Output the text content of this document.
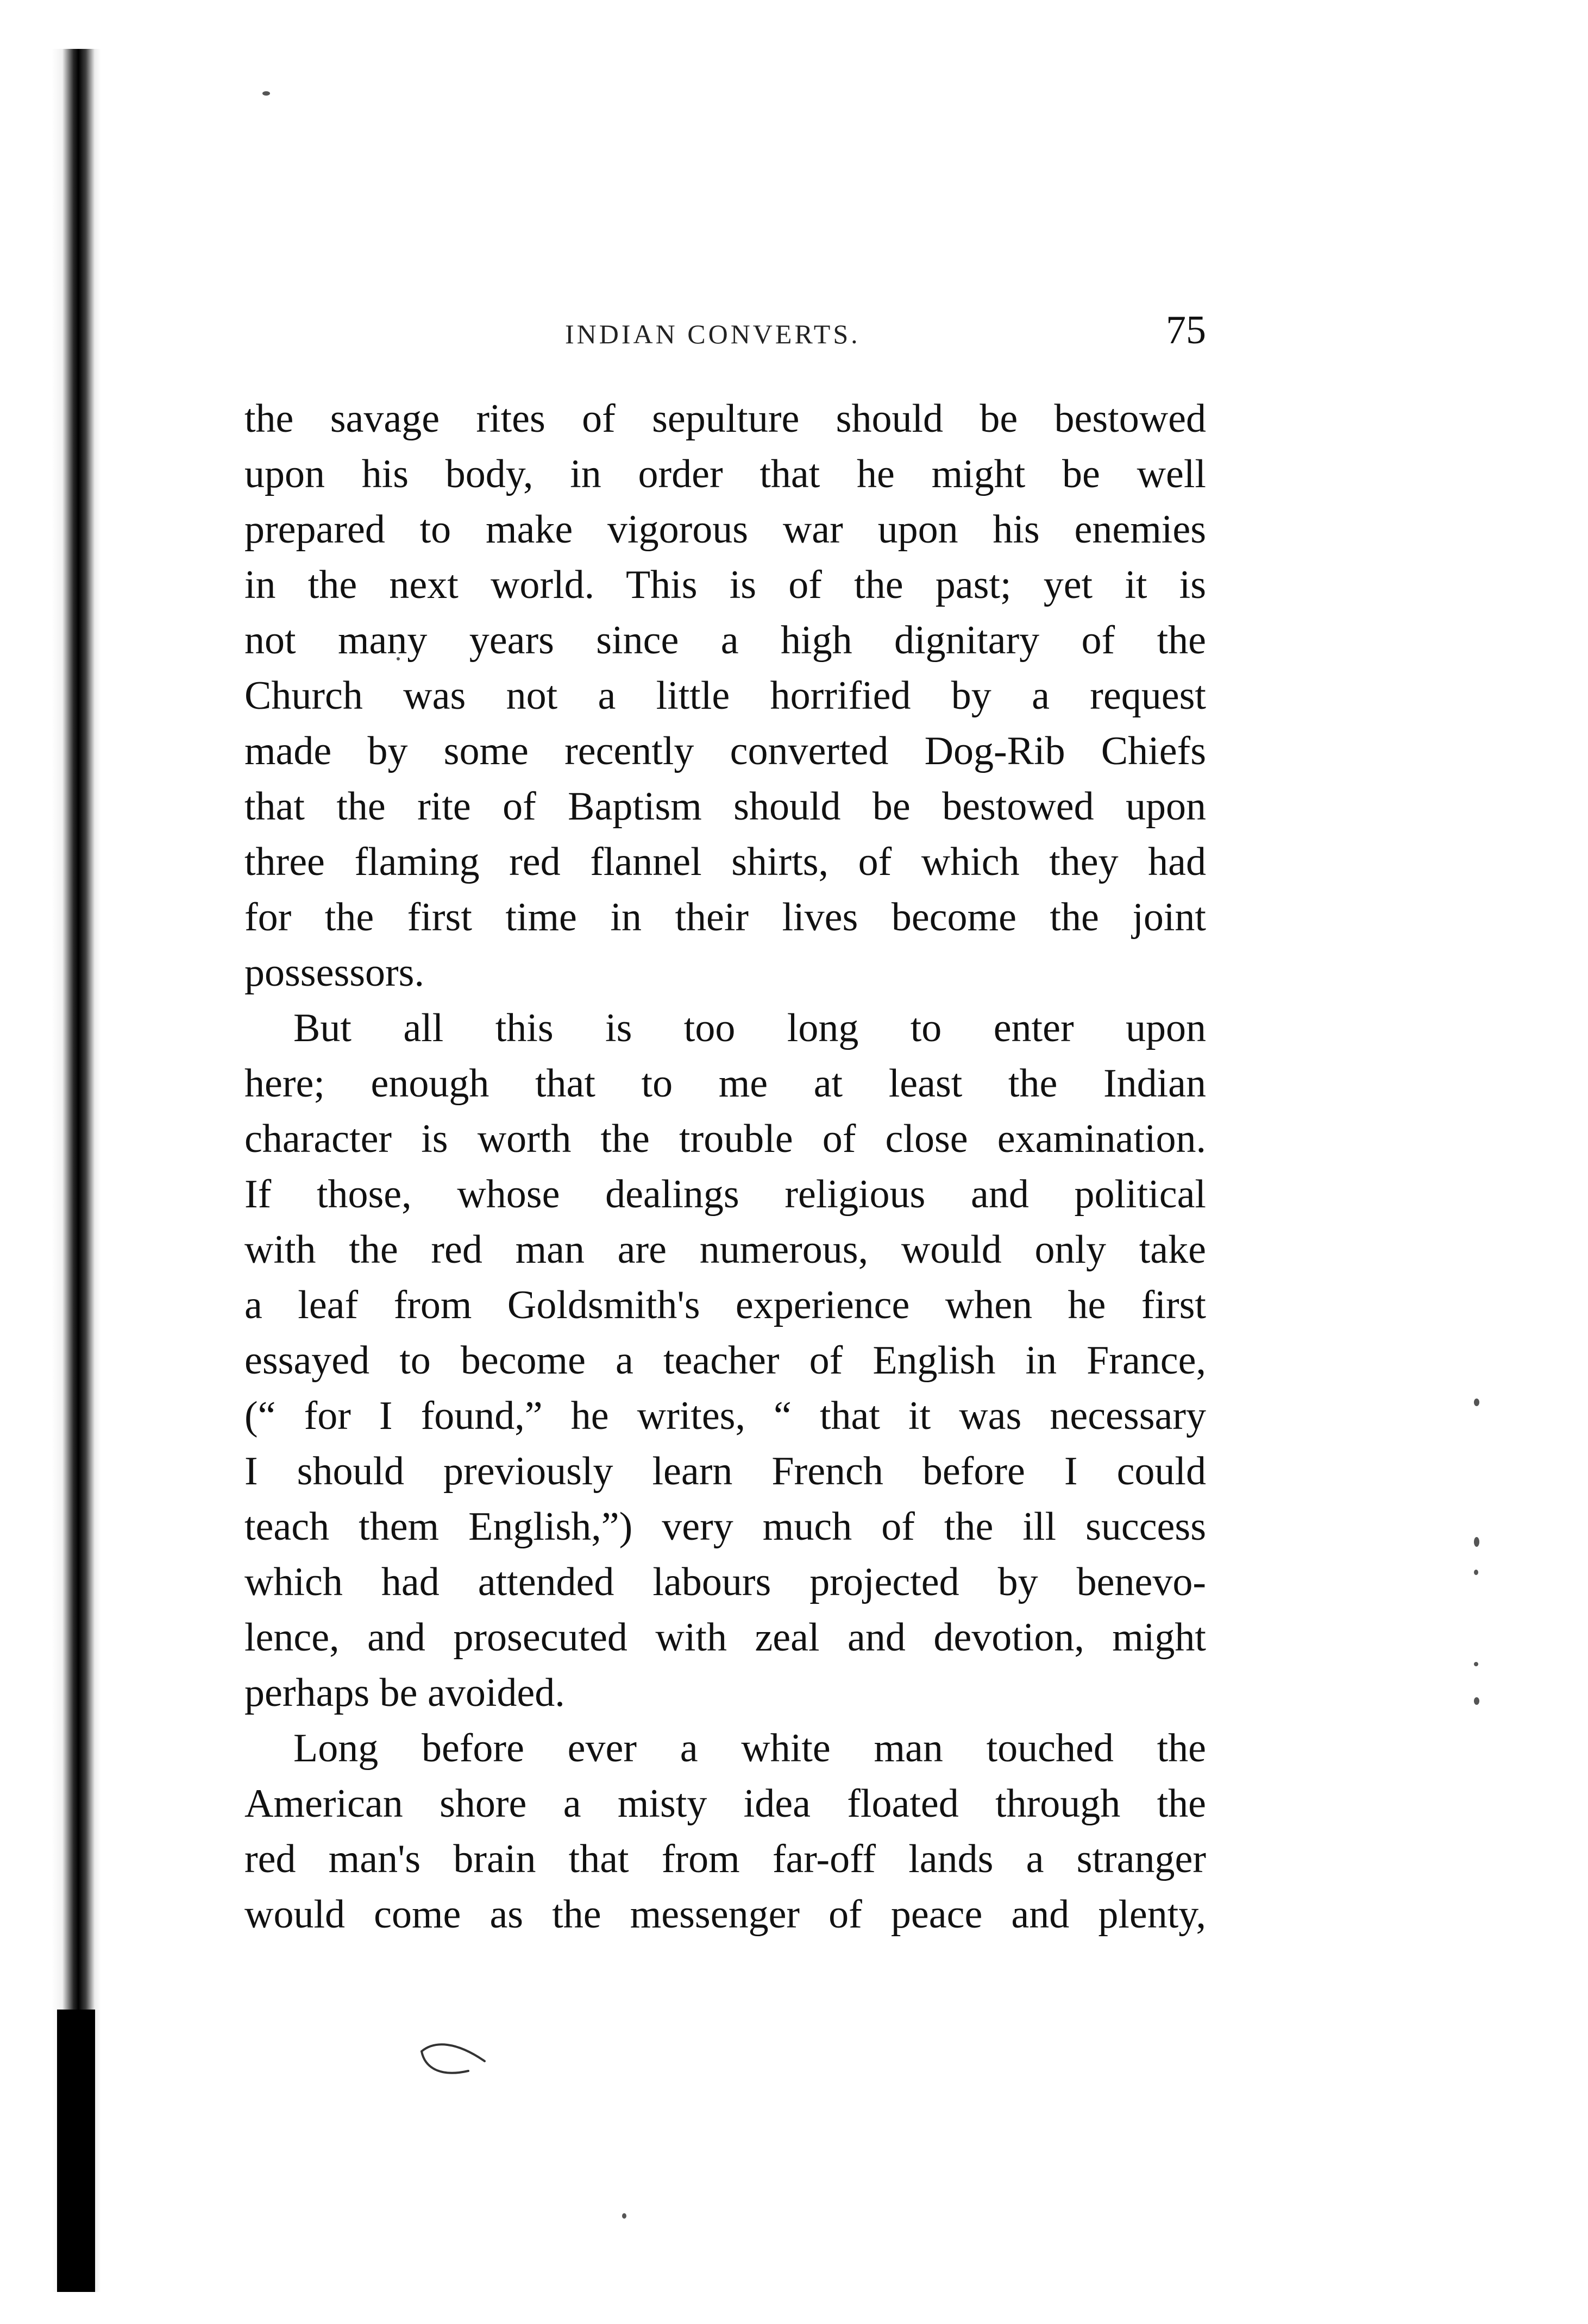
INDIAN CONVERTS.	75
the savage rites of sepulture should be bestowed
upon his body, in order that he might be well
prepared to make vigorous war upon his enemies
in the next world. This is of the past; yet it is
not many years since a high dignitary of the
Church was not a little horrified by a request
made by some recently converted Dog-Rib Chiefs
that the rite of Baptism should be bestowed upon
three flaming red flannel shirts, of which they had
for the first time in their lives become the joint
possessors.
But all this is too long to enter upon
here; enough that to me at least the Indian
character is worth the trouble of close examination.
If those, whose dealings religious and political
with the red man are numerous, would only take
a leaf from Goldsmith's experience when he first
essayed to become a teacher of English in France,
(“ for I found,” he writes, “ that it was necessary
I should previously learn French before I could
teach them English,”) very much of the ill success
which had attended labours projected by benevo-
lence, and prosecuted with zeal and devotion, might
perhaps be avoided.
Long before ever a white man touched the
American shore a misty idea floated through the
red man's brain that from far-off lands a stranger
would come as the messenger of peace and plenty,
